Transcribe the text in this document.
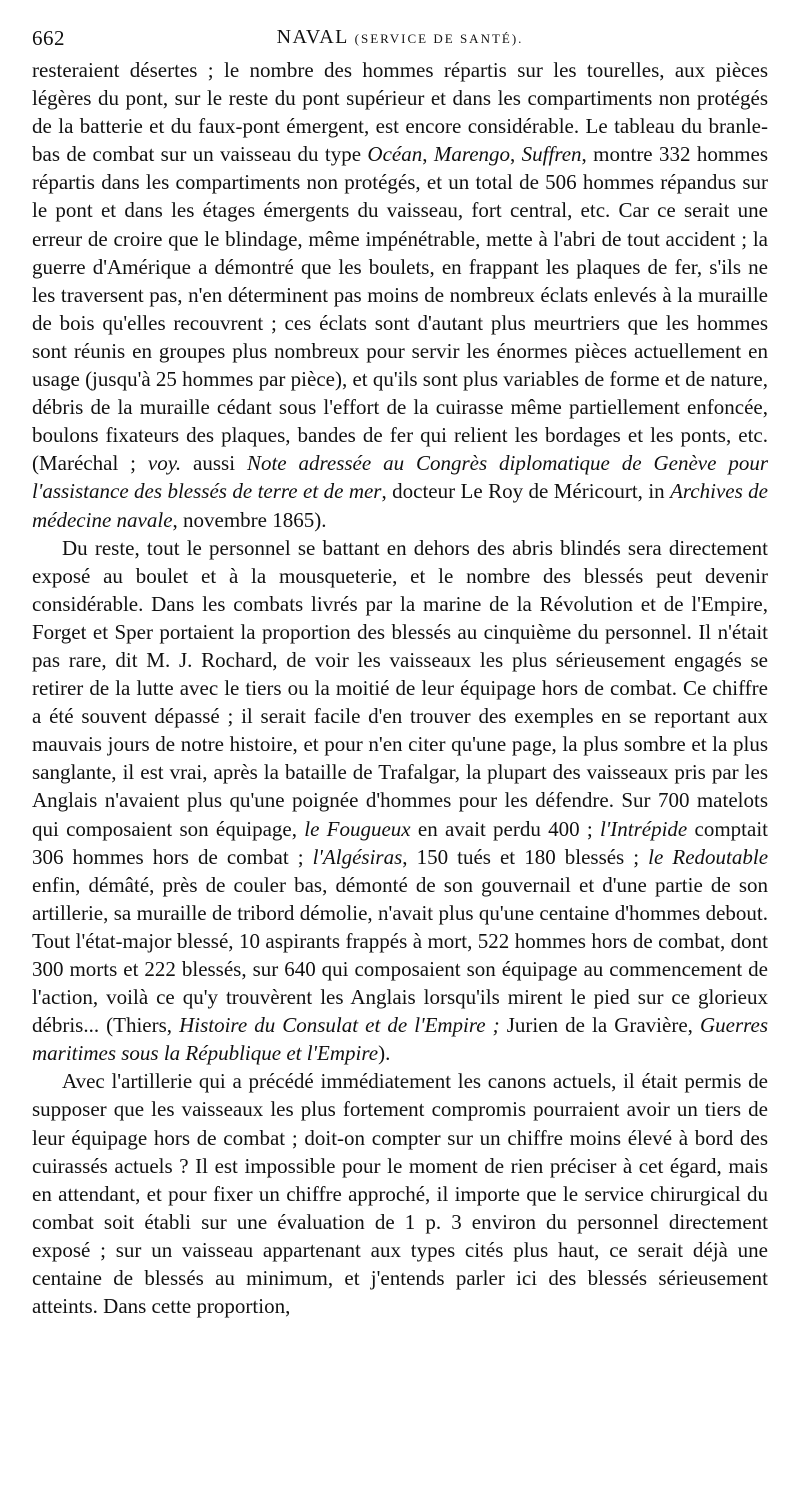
662	NAVAL (SERVICE DE SANTÉ).

resteraient désertes ; le nombre des hommes répartis sur les tourelles, aux pièces légères du pont, sur le reste du pont supérieur et dans les compartiments non protégés de la batterie et du faux-pont émergent, est encore considérable. Le tableau du branle-bas de combat sur un vaisseau du type Océan, Marengo, Suffren, montre 332 hommes répartis dans les compartiments non protégés, et un total de 506 hommes répandus sur le pont et dans les étages émergents du vaisseau, fort central, etc. Car ce serait une erreur de croire que le blindage, même impénétrable, mette à l'abri de tout accident ; la guerre d'Amérique a démontré que les boulets, en frappant les plaques de fer, s'ils ne les traversent pas, n'en déterminent pas moins de nombreux éclats enlevés à la muraille de bois qu'elles recouvrent ; ces éclats sont d'autant plus meurtriers que les hommes sont réunis en groupes plus nombreux pour servir les énormes pièces actuellement en usage (jusqu'à 25 hommes par pièce), et qu'ils sont plus variables de forme et de nature, débris de la muraille cédant sous l'effort de la cuirasse même partiellement enfoncée, boulons fixateurs des plaques, bandes de fer qui relient les bordages et les ponts, etc. (Maréchal ; voy. aussi Note adressée au Congrès diplomatique de Genève pour l'assistance des blessés de terre et de mer, docteur Le Roy de Méricourt, in Archives de médecine navale, novembre 1865).

Du reste, tout le personnel se battant en dehors des abris blindés sera directement exposé au boulet et à la mousqueterie, et le nombre des blessés peut devenir considérable. Dans les combats livrés par la marine de la Révolution et de l'Empire, Forget et Sper portaient la proportion des blessés au cinquième du personnel. Il n'était pas rare, dit M. J. Rochard, de voir les vaisseaux les plus sérieusement engagés se retirer de la lutte avec le tiers ou la moitié de leur équipage hors de combat. Ce chiffre a été souvent dépassé ; il serait facile d'en trouver des exemples en se reportant aux mauvais jours de notre histoire, et pour n'en citer qu'une page, la plus sombre et la plus sanglante, il est vrai, après la bataille de Trafalgar, la plupart des vaisseaux pris par les Anglais n'avaient plus qu'une poignée d'hommes pour les défendre. Sur 700 matelots qui composaient son équipage, le Fougueux en avait perdu 400 ; l'Intrépide comptait 306 hommes hors de combat ; l'Algésiras, 150 tués et 180 blessés ; le Redoutable enfin, démâté, près de couler bas, démonté de son gouvernail et d'une partie de son artillerie, sa muraille de tribord démolie, n'avait plus qu'une centaine d'hommes debout. Tout l'état-major blessé, 10 aspirants frappés à mort, 522 hommes hors de combat, dont 300 morts et 222 blessés, sur 640 qui composaient son équipage au commencement de l'action, voilà ce qu'y trouvèrent les Anglais lorsqu'ils mirent le pied sur ce glorieux débris... (Thiers, Histoire du Consulat et de l'Empire ; Jurien de la Gravière, Guerres maritimes sous la République et l'Empire).

Avec l'artillerie qui a précédé immédiatement les canons actuels, il était permis de supposer que les vaisseaux les plus fortement compromis pourraient avoir un tiers de leur équipage hors de combat ; doit-on compter sur un chiffre moins élevé à bord des cuirassés actuels ? Il est impossible pour le moment de rien préciser à cet égard, mais en attendant, et pour fixer un chiffre approché, il importe que le service chirurgical du combat soit établi sur une évaluation de 1 p. 3 environ du personnel directement exposé ; sur un vaisseau appartenant aux types cités plus haut, ce serait déjà une centaine de blessés au minimum, et j'entends parler ici des blessés sérieusement atteints. Dans cette proportion,
